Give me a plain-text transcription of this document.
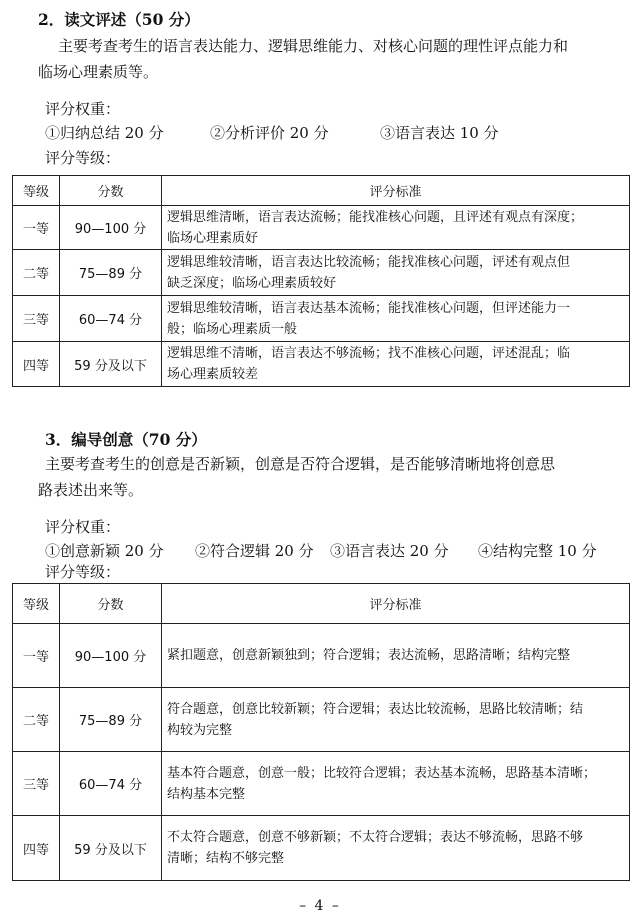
2．读文评述（50 分）
主要考查考生的语言表达能力、逻辑思维能力、对核心问题的理性评点能力和
临场心理素质等。
评分权重：
①归纳总结 20 分	②分析评价 20 分	③语言表达 10 分
评分等级：
等级	分数	评分标准
一等	90—100 分	逻辑思维清晰，语言表达流畅；能找准核心问题，且评述有观点有深度；
临场心理素质好

二等	75—89 分	逻辑思维较清晰，语言表达比较流畅；能找准核心问题，评述有观点但
缺乏深度；临场心理素质较好

三等	60—74 分	逻辑思维较清晰，语言表达基本流畅；能找准核心问题，但评述能力一
般；临场心理素质一般

四等	59 分及以下	逻辑思维不清晰，语言表达不够流畅；找不准核心问题，评述混乱；临
场心理素质较差
3．编导创意（70 分）
主要考查考生的创意是否新颖，创意是否符合逻辑，是否能够清晰地将创意思
路表述出来等。
评分权重：
①创意新颖 20 分	②符合逻辑 20 分	③语言表达 20 分	④结构完整 10 分
评分等级：
等级	分数	评分标准
一等	90—100 分	紧扣题意，创意新颖独到；符合逻辑；表达流畅，思路清晰；结构完整

二等	75—89 分	符合题意，创意比较新颖；符合逻辑；表达比较流畅，思路比较清晰；结
构较为完整

三等	60—74 分	基本符合题意，创意一般；比较符合逻辑；表达基本流畅，思路基本清晰；
结构基本完整

四等	59 分及以下	不太符合题意，创意不够新颖；不太符合逻辑；表达不够流畅，思路不够
清晰；结构不够完整
– 4 –
